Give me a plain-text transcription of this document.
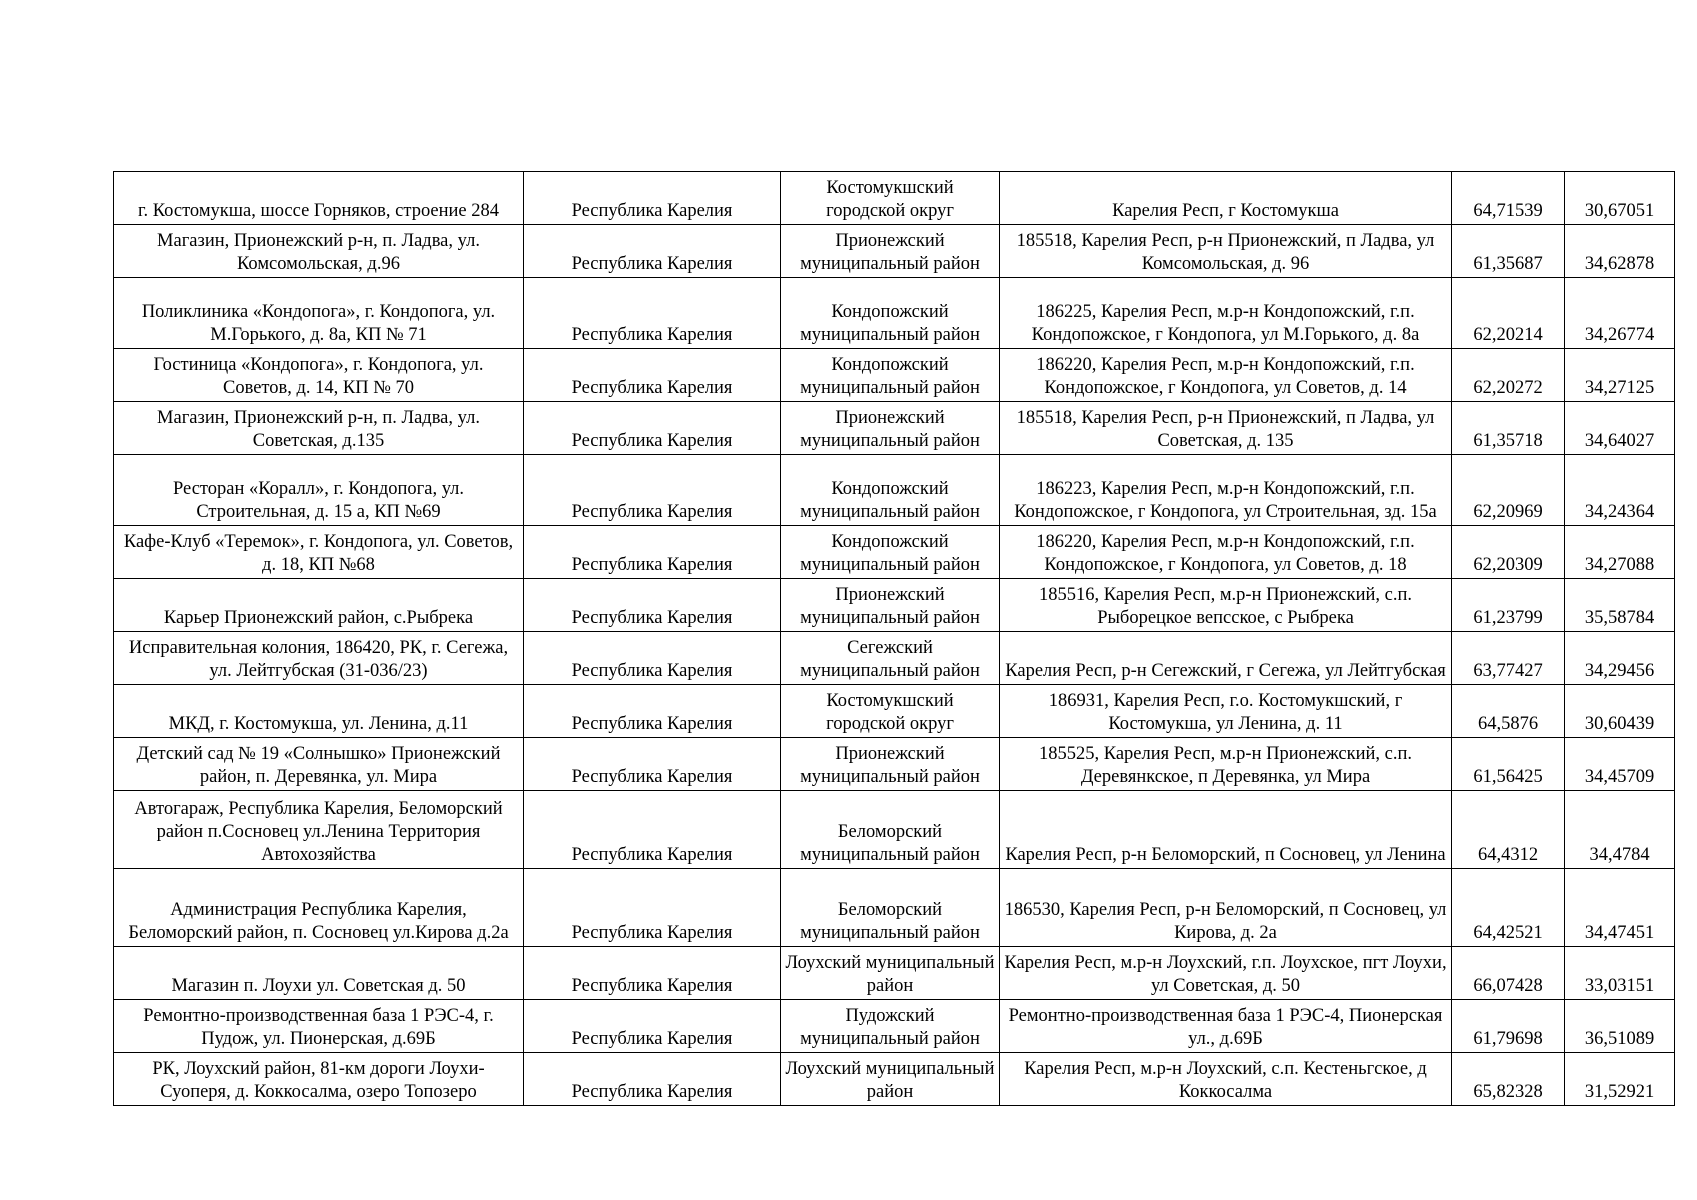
г. Костомукша, шоссе Горняков, строение 284	Республика Карелия	Костомукшский городской округ	Карелия Респ, г Костомукша	64,71539	30,67051
Магазин, Прионежский р-н, п. Ладва, ул. Комсомольская, д.96	Республика Карелия	Прионежский муниципальный район	185518, Карелия Респ, р-н Прионежский, п Ладва, ул Комсомольская, д. 96	61,35687	34,62878
Поликлиника «Кондопога», г. Кондопога, ул. М.Горького, д. 8а, КП № 71	Республика Карелия	Кондопожский муниципальный район	186225, Карелия Респ, м.р-н Кондопожский, г.п. Кондопожское, г Кондопога, ул М.Горького, д. 8а	62,20214	34,26774
Гостиница «Кондопога», г. Кондопога, ул. Советов, д. 14, КП № 70	Республика Карелия	Кондопожский муниципальный район	186220, Карелия Респ, м.р-н Кондопожский, г.п. Кондопожское, г Кондопога, ул Советов, д. 14	62,20272	34,27125
Магазин, Прионежский р-н, п. Ладва, ул. Советская, д.135	Республика Карелия	Прионежский муниципальный район	185518, Карелия Респ, р-н Прионежский, п Ладва, ул Советская, д. 135	61,35718	34,64027
Ресторан «Коралл», г. Кондопога, ул. Строительная, д. 15 а, КП №69	Республика Карелия	Кондопожский муниципальный район	186223, Карелия Респ, м.р-н Кондопожский, г.п. Кондопожское, г Кондопога, ул Строительная, зд. 15а	62,20969	34,24364
Кафе-Клуб «Теремок», г. Кондопога, ул. Советов, д. 18, КП №68	Республика Карелия	Кондопожский муниципальный район	186220, Карелия Респ, м.р-н Кондопожский, г.п. Кондопожское, г Кондопога, ул Советов, д. 18	62,20309	34,27088
Карьер Прионежский район, с.Рыбрека	Республика Карелия	Прионежский муниципальный район	185516, Карелия Респ, м.р-н Прионежский, с.п. Рыборецкое вепсское, с Рыбрека	61,23799	35,58784
Исправительная колония, 186420, РК, г. Сегежа, ул. Лейтгубская (31-036/23)	Республика Карелия	Сегежский муниципальный район	Карелия Респ, р-н Сегежский, г Сегежа, ул Лейтгубская	63,77427	34,29456
МКД, г. Костомукша, ул. Ленина, д.11	Республика Карелия	Костомукшский городской округ	186931, Карелия Респ, г.о. Костомукшский, г Костомукша, ул Ленина, д. 11	64,5876	30,60439
Детский сад № 19 «Солнышко» Прионежский район, п. Деревянка, ул. Мира	Республика Карелия	Прионежский муниципальный район	185525, Карелия Респ, м.р-н Прионежский, с.п. Деревянкское, п Деревянка, ул Мира	61,56425	34,45709
Автогараж, Республика Карелия, Беломорский район п.Сосновец ул.Ленина Территория Автохозяйства	Республика Карелия	Беломорский муниципальный район	Карелия Респ, р-н Беломорский, п Сосновец, ул Ленина	64,4312	34,4784
Администрация Республика Карелия, Беломорский район, п. Сосновец ул.Кирова д.2а	Республика Карелия	Беломорский муниципальный район	186530, Карелия Респ, р-н Беломорский, п Сосновец, ул Кирова, д. 2а	64,42521	34,47451
Магазин п. Лоухи ул. Советская д. 50	Республика Карелия	Лоухский муниципальный район	Карелия Респ, м.р-н Лоухский, г.п. Лоухское, пгт Лоухи, ул Советская, д. 50	66,07428	33,03151
Ремонтно-производственная база 1 РЭС-4, г. Пудож, ул. Пионерская, д.69Б	Республика Карелия	Пудожский муниципальный район	Ремонтно-производственная база 1 РЭС-4, Пионерская ул., д.69Б	61,79698	36,51089
РК, Лоухский район, 81-км дороги Лоухи-Суоперя, д. Коккосалма, озеро Топозеро	Республика Карелия	Лоухский муниципальный район	Карелия Респ, м.р-н Лоухский, с.п. Кестеньгское, д Коккосалма	65,82328	31,52921
